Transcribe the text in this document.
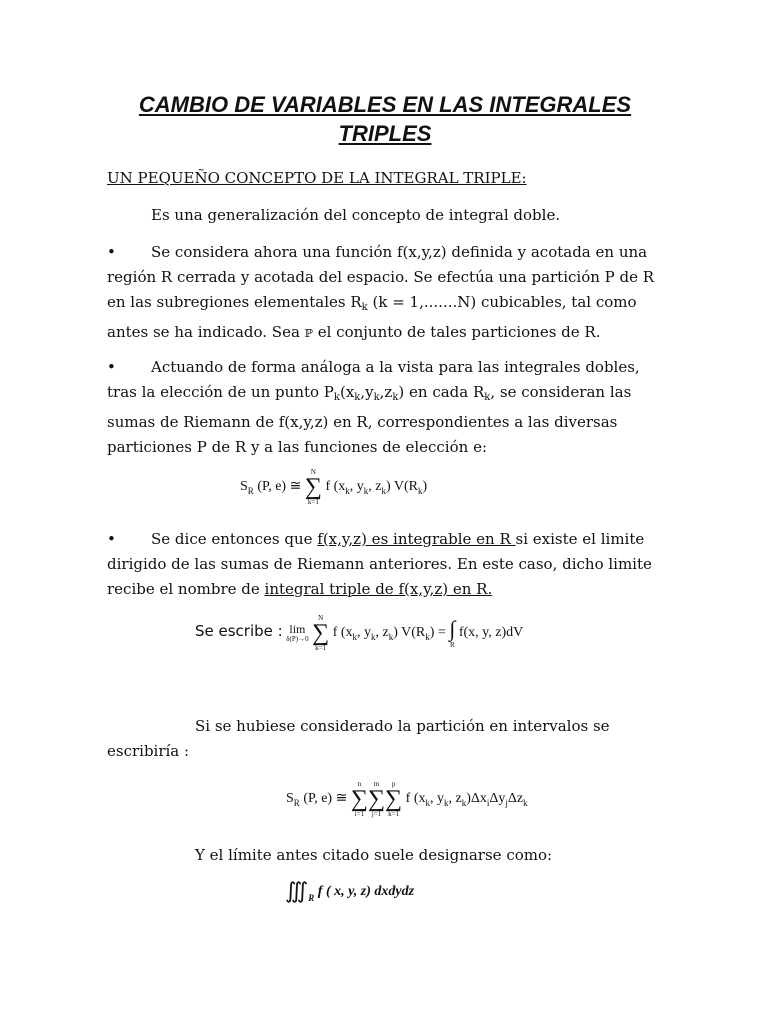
CAMBIO DE VARIABLES EN LAS INTEGRALES TRIPLES
UN PEQUEÑO CONCEPTO DE LA INTEGRAL TRIPLE:
Es una generalización del concepto de integral doble.
• Se considera ahora una función f(x,y,z) definida y acotada en una región R cerrada y acotada del espacio. Se efectúa una partición P de R en las subregiones elementales $R_k$ (k = 1,.......N) cubicables, tal como antes se ha indicado. Sea ℙ el conjunto de tales particiones de R.
• Actuando de forma análoga a la vista para las integrales dobles, tras la elección de un punto $P_k(x_k,y_k,z_k)$ en cada $R_k$, se consideran las sumas de Riemann de f(x,y,z) en R, correspondientes a las diversas particiones P de R y a las funciones de elección e:
$S_R$ (P, e) ≅
N
∑
k=1
f ($x_k$, $y_k$, $z_k$) $V(R_k)$
• Se dice entonces que f(x,y,z) es integrable en R si existe el limite dirigido de las sumas de Riemann anteriores. En este caso, dicho limite recibe el nombre de integral triple de f(x,y,z) en R.
Se escribe : lim
δ(P)→0

N
∑
k=1
f ($x_k$, $y_k$, $z_k$) $V(R_k)$ = ∫
R
f(x, y, z)dV
Si se hubiese considerado la partición en intervalos se escribiría :
$S_R$ (P, e) ≅
n
∑
i=1
m
∑
j=1
p
∑
k=1
f ($x_k$, $y_k$, $z_k)\Delta x_i\Delta y_j\Delta z_k$
Y el límite antes citado suele designarse como:
$∭_R$ f ( x, y, z) dxdydz
